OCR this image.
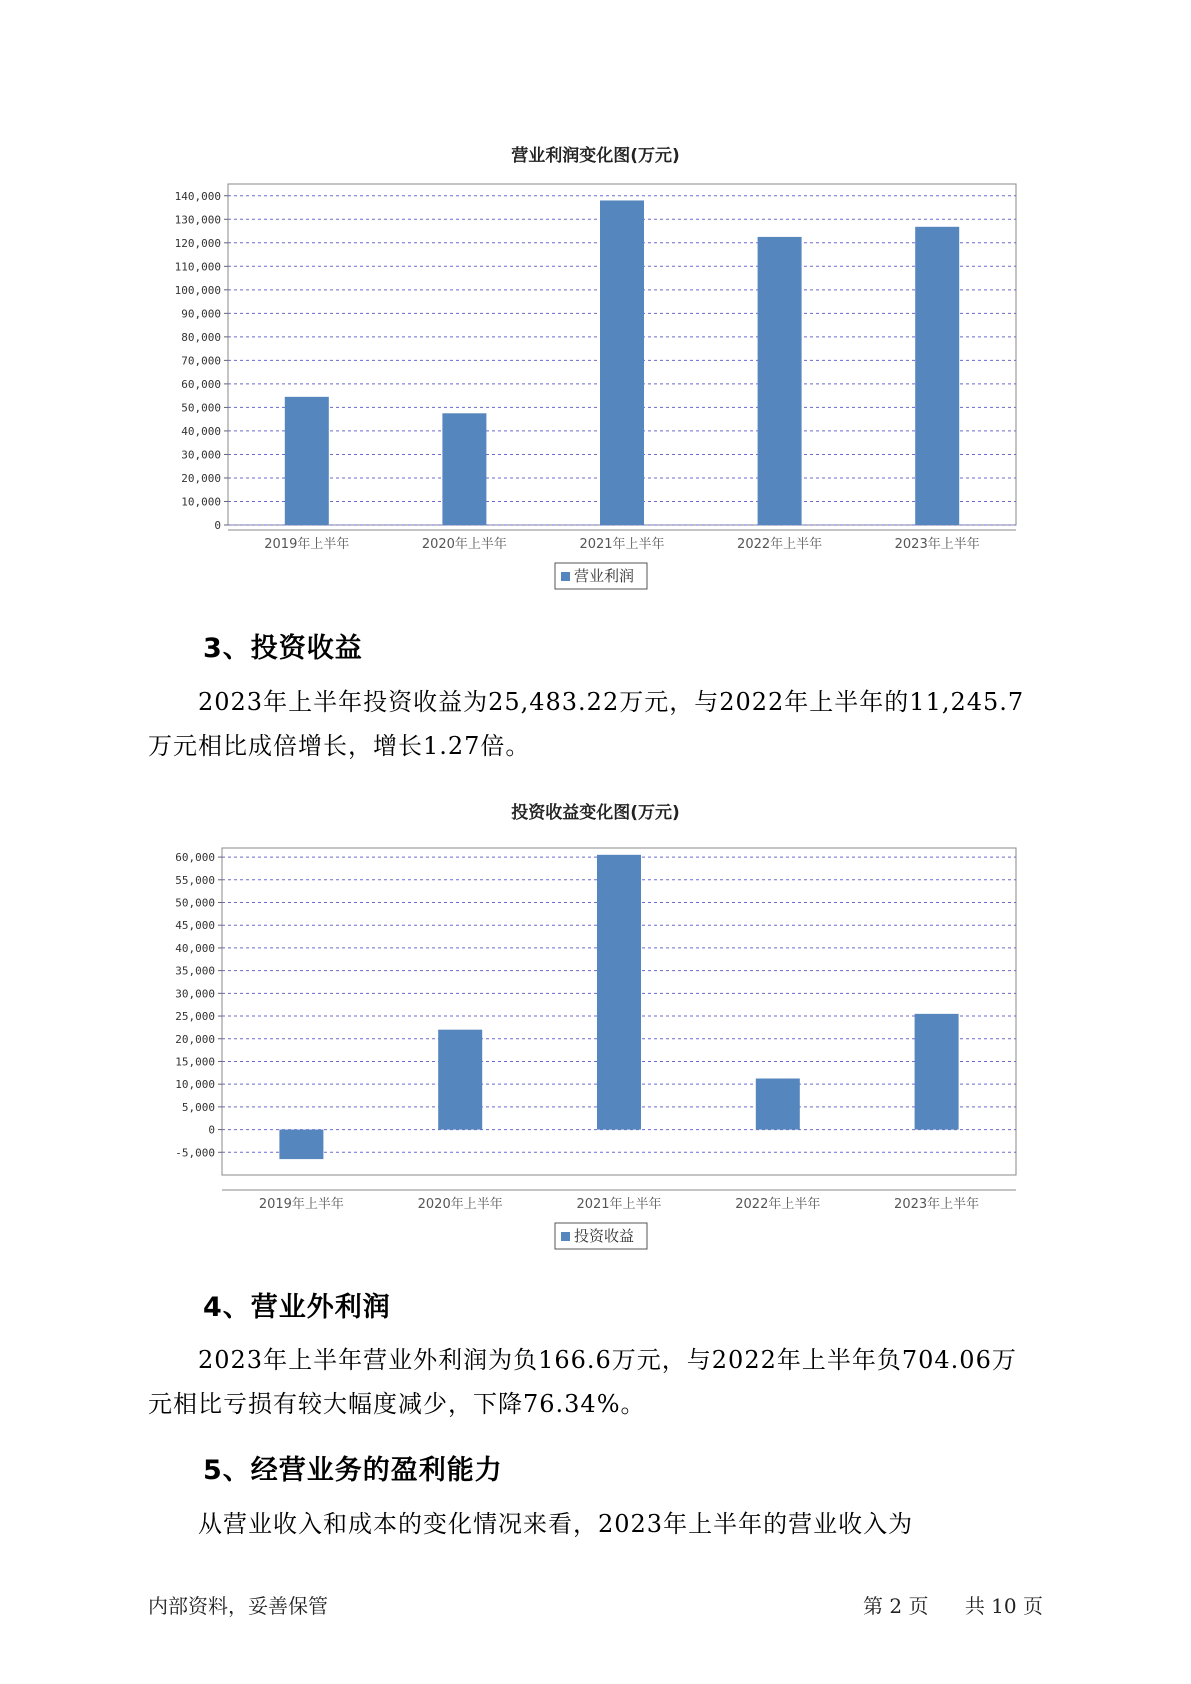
营业利润变化图(万元)
0
10,000
20,000
30,000
40,000
50,000
60,000
70,000
80,000
90,000
100,000
110,000
120,000
130,000
140,000
2019年上半年	2020年上半年	2021年上半年	2022年上半年	2023年上半年
营业利润
3、投资收益
　　2023年上半年投资收益为25,483.22万元，与2022年上半年的11,245.7
万元相比成倍增长，增长1.27倍。
投资收益变化图(万元)
-5,000
0
5,000
10,000
15,000
20,000
25,000
30,000
35,000
40,000
45,000
50,000
55,000
60,000
2019年上半年	2020年上半年	2021年上半年	2022年上半年	2023年上半年
投资收益
4、营业外利润
　　2023年上半年营业外利润为负166.6万元，与2022年上半年负704.06万
元相比亏损有较大幅度减少，下降76.34%。
5、经营业务的盈利能力
　　从营业收入和成本的变化情况来看，2023年上半年的营业收入为
内部资料，妥善保管	第 2 页 共 10 页
